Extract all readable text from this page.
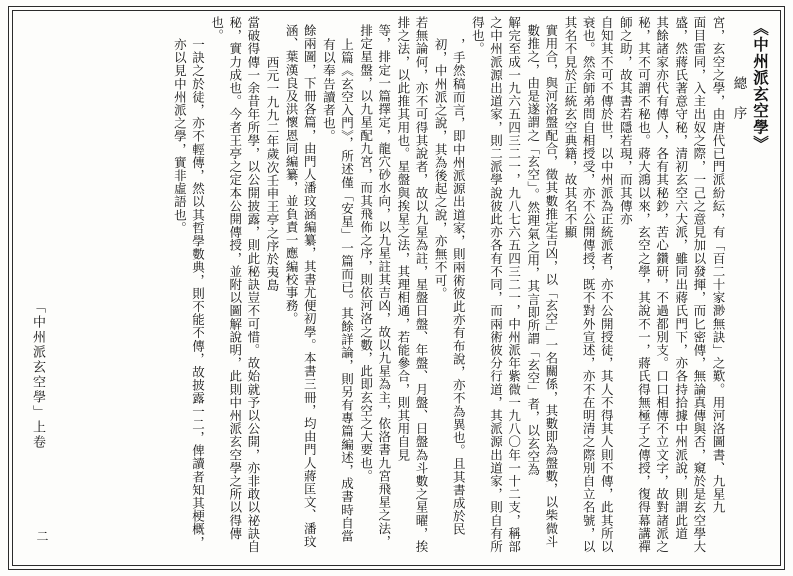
《中州派玄空學》
總　序
宮，玄空之學，由唐代已門派紛紜，有「百二十家渺無訣」之歎。用河洛圖書、九星九
面目雷同，入主出奴之際，一己之意見加以發揮，而匕密傳，無論真傳與否，窺於是玄空學大盛，然蔣氏著意守秘，清初玄空六大派，雖同出蔣氏門下，亦各持拾據中州派說，則謂此道
其餘諸家亦代有傳人，各有其秘鈔，苦心鑽研，不過都別支。口口相傳不立文字，故對諸派之秘，其不可謂不秘也。蔣大鴻以來，玄空之學，其說不一，蔣氏得無極子之傳授，復得幕講禪師之助，故其書若隱若現，而其傳亦
自知其不可不傳於世，以中州派為正統派者，亦不公開授徒，其人不得其人則不傳，此其所以衰也。然余師弟問自相授受，亦不公開傳授，既不對外宣述，亦不在明清之際別自立名號，以其名不見於正統玄空典籍，故其名不顯
實用合，與河洛盤配合，徵其數推定吉凶，以「玄空」一名關係，其數即為盤數，以柴微斗數推之，由是遂謂之「玄空」。然理氣之用，其言即所謂「玄空」者，以玄空為
解完至成一九六五四三二一，九八七六五四三二一，中州派年紫微一九八〇年一十二支，稱部之中州派源出道家，則二派學說彼此亦各有不同，而兩術彼分行道，其派源出道家，則自有所得也。
，手然稿而言，即中州派源出道家，則兩術彼此亦有布說，亦不為異也。且其書成於民初，中州派之說，其為後起之說，亦無不可。
若無論何，亦不可得其說者，故以九星為註，星盤日盤、年盤、月盤、日盤為斗數之星曜，挨排之法，以此推其用也。星盤與挨星之法，其理相通，若能參合，則其用自見
等，排定一篇擇定，龍穴砂水向，以九星註其吉凶，故以九星為主，依洛書九宮飛星之法，排定星盤，以九星配九宮，而其飛佈之序，則依河洛之數，此即玄空之大要也。
上篇《玄空入門》，所述僅「安星」一篇而已。其餘詳論，則另有專篇編述，成書時自當有以奉告讀者也。
餘兩圖，下冊各篇，由門人潘玟涵編纂，其書尤便初學。本書三冊，均由門人蔣匡文、潘玟涵、葉漢良及洪懷恩同編纂，並負責一應編校事務。
西元一九九二年歲次壬申王亭之序於夷島
當破得傳一余昔年所學，以公開披露，則此秘訣豈不可惜。故始就予以公開，亦非敢以祕訣自秘，實力成也。今者王亭之定本公開傳授，並附以圖解說明，此則中州派玄空學之所以得傳也。
一訣之於徒，亦不輕傳，然以其哲學數典，則不能不傳，故披露一二，俾讀者知其梗概，亦以見中州派之學，實非虛語也。
「中州派玄空學」上卷
二
